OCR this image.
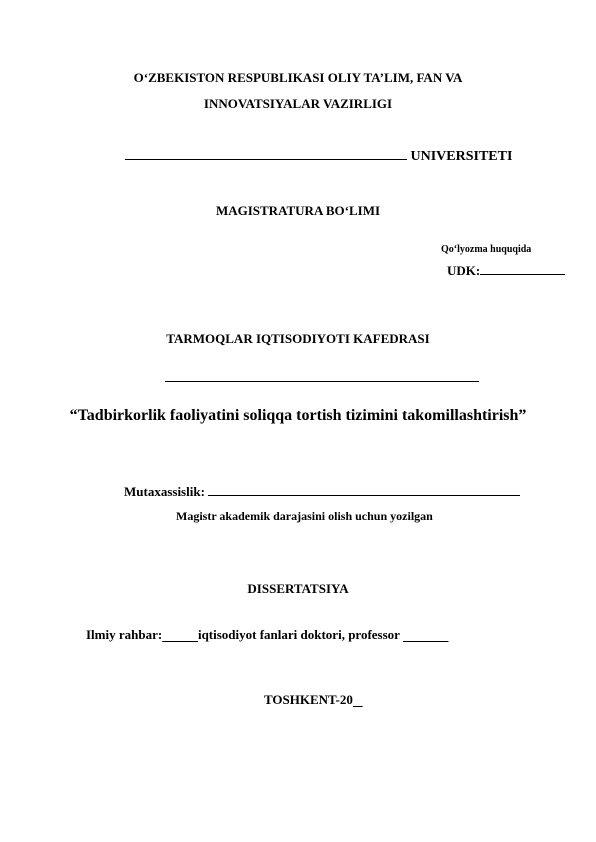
O‘ZBEKISTON RESPUBLIKASI OLIY TA’LIM, FAN VA
INNOVATSIYALAR VAZIRLIGI
UNIVERSITETI
MAGISTRATURA BO‘LIMI
Qo‘lyozma huquqida
UDK:
TARMOQLAR IQTISODIYOTI KAFEDRASI
“Tadbirkorlik faoliyatini soliqqa tortish tizimini takomillashtirish”
Mutaxassislik:
Magistr akademik darajasini olish uchun yozilgan
DISSERTATSIYA
Ilmiy rahbar:	iqtisodiyot fanlari doktori, professor
TOSHKENT-20
